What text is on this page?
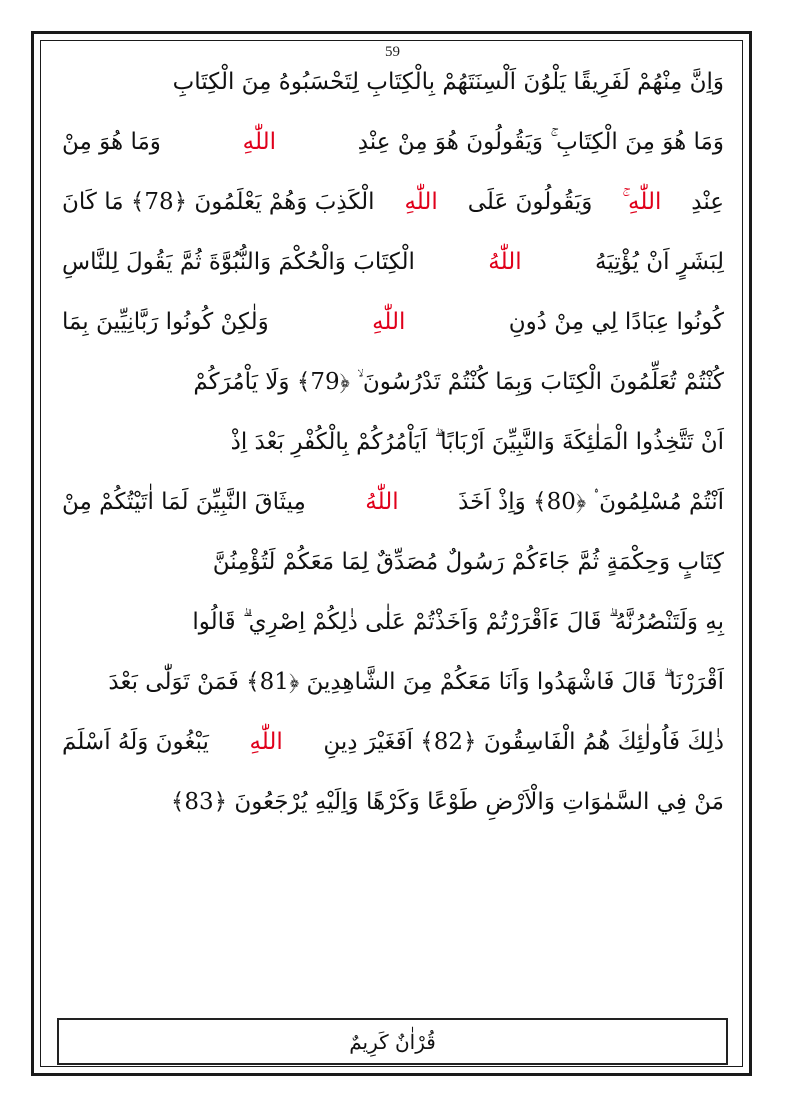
59
وَاِنَّ مِنْهُمْ لَفَرِيقًا يَلْوُنَ اَلْسِنَتَهُمْ بِالْكِتَابِ لِتَحْسَبُوهُ مِنَ الْكِتَابِ
وَمَا هُوَ مِنَ الْكِتَابِ ۚ وَيَقُولُونَ هُوَ مِنْ عِنْدِ
اللّٰهِ
وَمَا هُوَ مِنْ
عِنْدِ
اللّٰهِ ۚ
وَيَقُولُونَ عَلَى
اللّٰهِ
الْكَذِبَ وَهُمْ يَعْلَمُونَ ﴿78﴾ مَا كَانَ
لِبَشَرٍ اَنْ يُؤْتِيَهُ
اللّٰهُ
الْكِتَابَ وَالْحُكْمَ وَالنُّبُوَّةَ ثُمَّ يَقُولَ لِلنَّاسِ
كُونُوا عِبَادًا لِي مِنْ دُونِ
اللّٰهِ
وَلٰكِنْ كُونُوا رَبَّانِيِّينَ بِمَا
كُنْتُمْ تُعَلِّمُونَ الْكِتَابَ وَبِمَا كُنْتُمْ تَدْرُسُونَ ۙ ﴿79﴾ وَلَا يَاْمُرَكُمْ
اَنْ تَتَّخِذُوا الْمَلٰئِكَةَ وَالنَّبِيِّنَ اَرْبَابًا ۗ اَيَاْمُرُكُمْ بِالْكُفْرِ بَعْدَ اِذْ
اَنْتُمْ مُسْلِمُونَ ۟ ﴿80﴾ وَاِذْ اَخَذَ
اللّٰهُ
مِيثَاقَ النَّبِيِّنَ لَمَا اٰتَيْتُكُمْ مِنْ
كِتَابٍ وَحِكْمَةٍ ثُمَّ جَاءَكُمْ رَسُولٌ مُصَدِّقٌ لِمَا مَعَكُمْ لَتُؤْمِنُنَّ
بِهِ وَلَتَنْصُرُنَّهُ ۗ قَالَ ءَاَقْرَرْتُمْ وَاَخَذْتُمْ عَلٰى ذٰلِكُمْ اِصْرِي ۗ قَالُوا
اَقْرَرْنَا ۗ قَالَ فَاشْهَدُوا وَاَنَا مَعَكُمْ مِنَ الشَّاهِدِينَ ﴿81﴾ فَمَنْ تَوَلّٰى بَعْدَ
ذٰلِكَ فَاُولٰئِكَ هُمُ الْفَاسِقُونَ ﴿82﴾ اَفَغَيْرَ دِينِ
اللّٰهِ
يَبْغُونَ وَلَهُ اَسْلَمَ
مَنْ فِي السَّمٰوَاتِ وَالْاَرْضِ طَوْعًا وَكَرْهًا وَاِلَيْهِ يُرْجَعُونَ ﴿83﴾
قُرْاٰنٌ كَرِيمٌ
